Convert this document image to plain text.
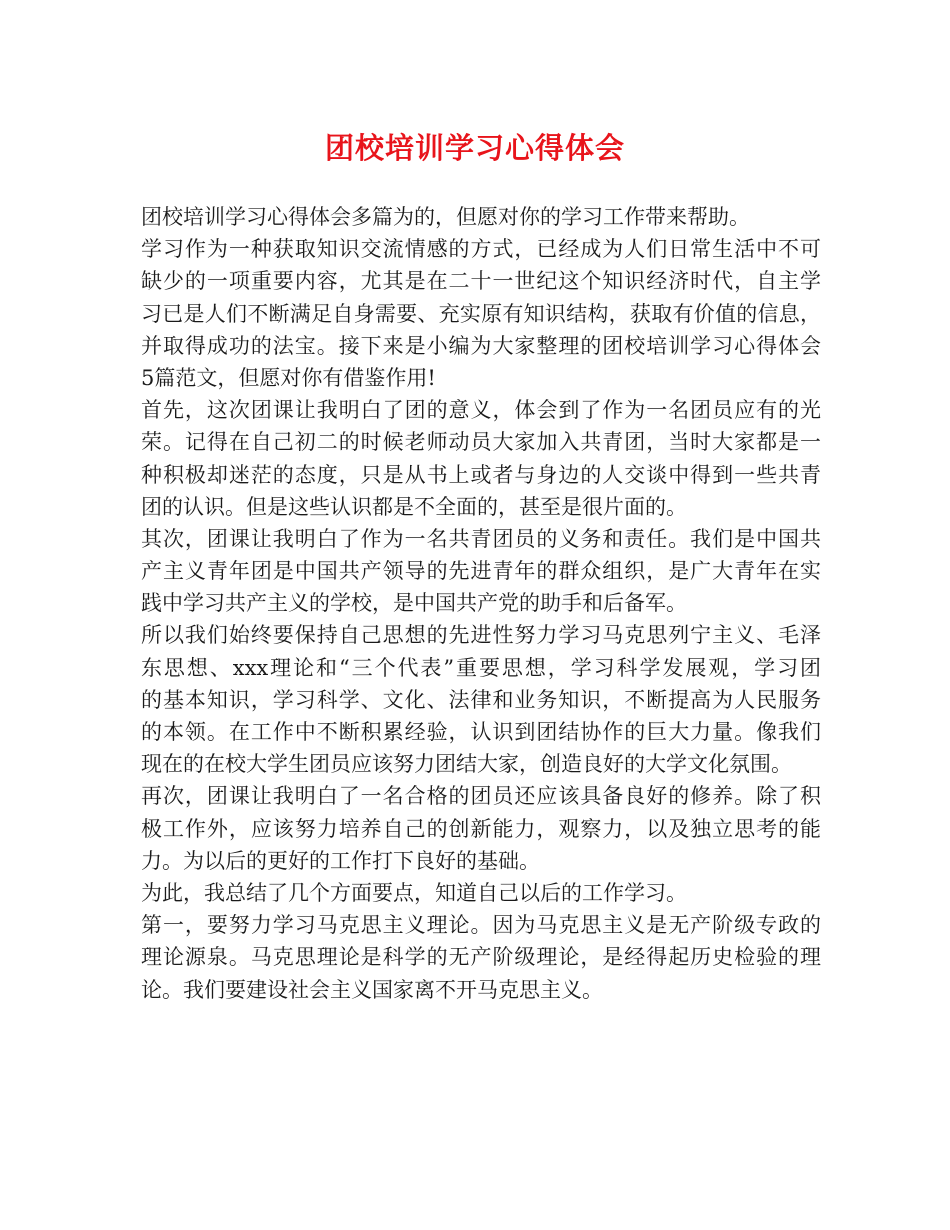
团校培训学习心得体会
团校培训学习心得体会多篇为的，但愿对你的学习工作带来帮助。
学习作为一种获取知识交流情感的方式，已经成为人们日常生活中不可
缺少的一项重要内容，尤其是在二十一世纪这个知识经济时代，自主学
习已是人们不断满足自身需要、充实原有知识结构，获取有价值的信息，
并取得成功的法宝。接下来是小编为大家整理的团校培训学习心得体会
5篇范文，但愿对你有借鉴作用!
首先，这次团课让我明白了团的意义，体会到了作为一名团员应有的光
荣。记得在自己初二的时候老师动员大家加入共青团，当时大家都是一
种积极却迷茫的态度，只是从书上或者与身边的人交谈中得到一些共青
团的认识。但是这些认识都是不全面的，甚至是很片面的。
其次，团课让我明白了作为一名共青团员的义务和责任。我们是中国共
产主义青年团是中国共产领导的先进青年的群众组织，是广大青年在实
践中学习共产主义的学校，是中国共产党的助手和后备军。
所以我们始终要保持自己思想的先进性努力学习马克思列宁主义、毛泽
东思想、xxx理论和“三个代表”重要思想，学习科学发展观，学习团
的基本知识，学习科学、文化、法律和业务知识，不断提高为人民服务
的本领。在工作中不断积累经验，认识到团结协作的巨大力量。像我们
现在的在校大学生团员应该努力团结大家，创造良好的大学文化氛围。
再次，团课让我明白了一名合格的团员还应该具备良好的修养。除了积
极工作外，应该努力培养自己的创新能力，观察力，以及独立思考的能
力。为以后的更好的工作打下良好的基础。
为此，我总结了几个方面要点，知道自己以后的工作学习。
第一，要努力学习马克思主义理论。因为马克思主义是无产阶级专政的
理论源泉。马克思理论是科学的无产阶级理论，是经得起历史检验的理
论。我们要建设社会主义国家离不开马克思主义。
